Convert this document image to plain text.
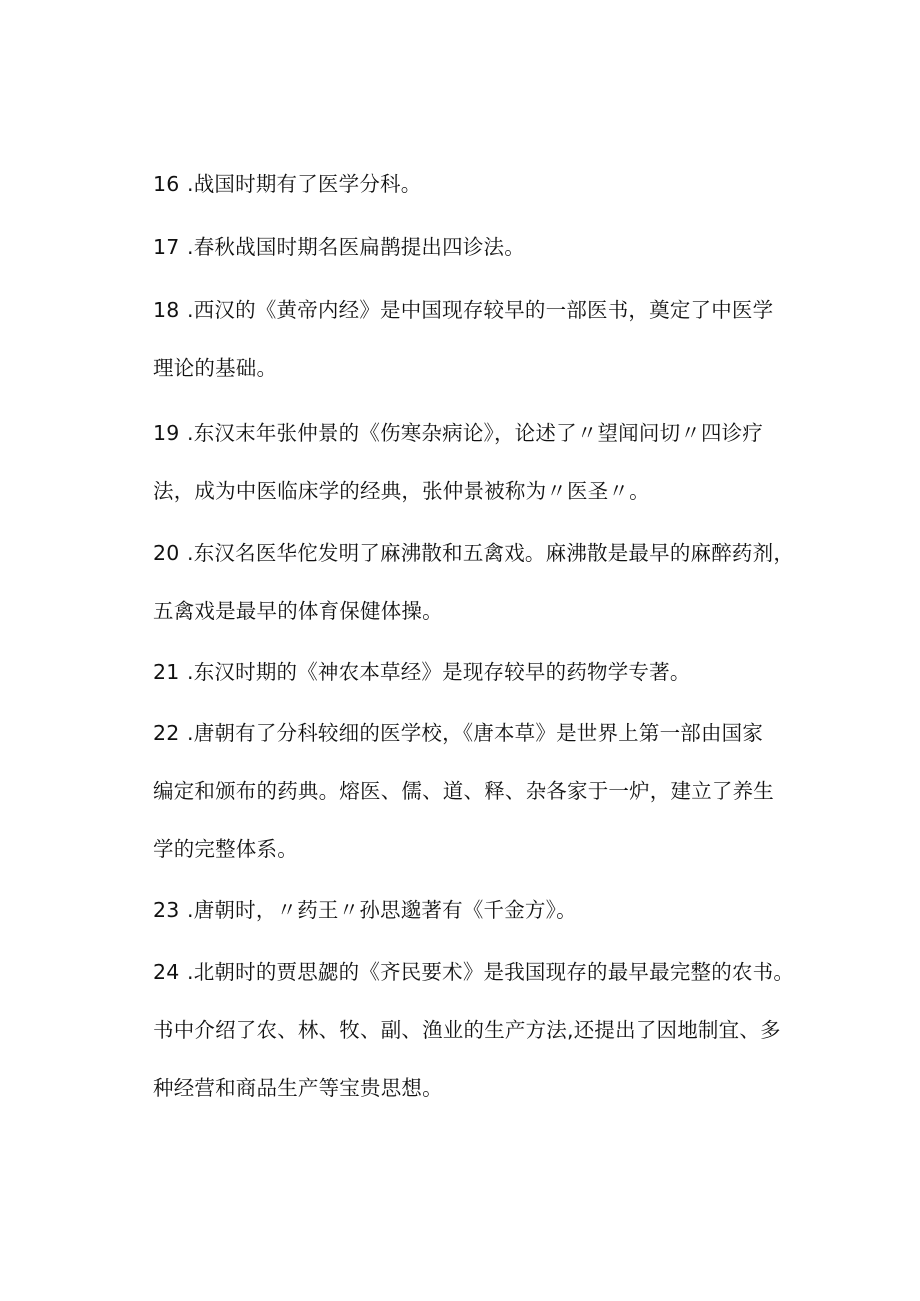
16 .战国时期有了医学分科。
17 .春秋战国时期名医扁鹊提出四诊法。
18 .西汉的《黄帝内经》是中国现存较早的一部医书，奠定了中医学
理论的基础。
19 .东汉末年张仲景的《伤寒杂病论》，论述了〃望闻问切〃四诊疗
法，成为中医临床学的经典，张仲景被称为〃医圣〃。
20 .东汉名医华佗发明了麻沸散和五禽戏。麻沸散是最早的麻醉药剂，
五禽戏是最早的体育保健体操。
21 .东汉时期的《神农本草经》是现存较早的药物学专著。
22 .唐朝有了分科较细的医学校，《唐本草》是世界上第一部由国家
编定和颁布的药典。熔医、儒、道、释、杂各家于一炉，建立了养生
学的完整体系。
23 .唐朝时，〃药王〃孙思邈著有《千金方》。
24 .北朝时的贾思勰的《齐民要术》是我国现存的最早最完整的农书。
书中介绍了农、林、牧、副、渔业的生产方法,还提出了因地制宜、多
种经营和商品生产等宝贵思想。
